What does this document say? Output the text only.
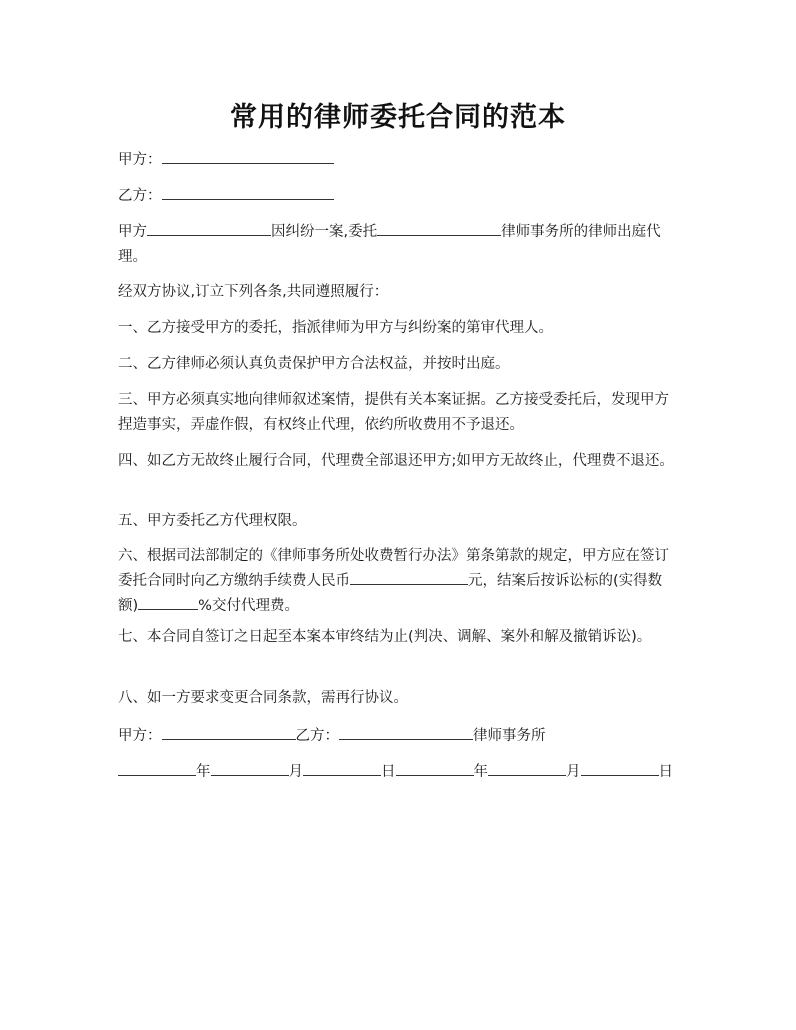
常用的律师委托合同的范本

甲方：

乙方：

甲方	因纠纷一案,委托	律师事务所的律师出庭代理。

经双方协议,订立下列各条,共同遵照履行：

一、乙方接受甲方的委托，指派律师为甲方与纠纷案的第审代理人。

二、乙方律师必须认真负责保护甲方合法权益，并按时出庭。

三、甲方必须真实地向律师叙述案情，提供有关本案证据。乙方接受委托后，发现甲方捏造事实，弄虚作假，有权终止代理，依约所收费用不予退还。

四、如乙方无故终止履行合同，代理费全部退还甲方;如甲方无故终止，代理费不退还。

五、甲方委托乙方代理权限。

六、根据司法部制定的《律师事务所处收费暂行办法》第条第款的规定，甲方应在签订委托合同时向乙方缴纳手续费人民币	元，结案后按诉讼标的(实得数额)	%交付代理费。

七、本合同自签订之日起至本案本审终结为止(判决、调解、案外和解及撤销诉讼)。

八、如一方要求变更合同条款，需再行协议。

甲方：	乙方：	律师事务所

年	月	日	年	月	日
